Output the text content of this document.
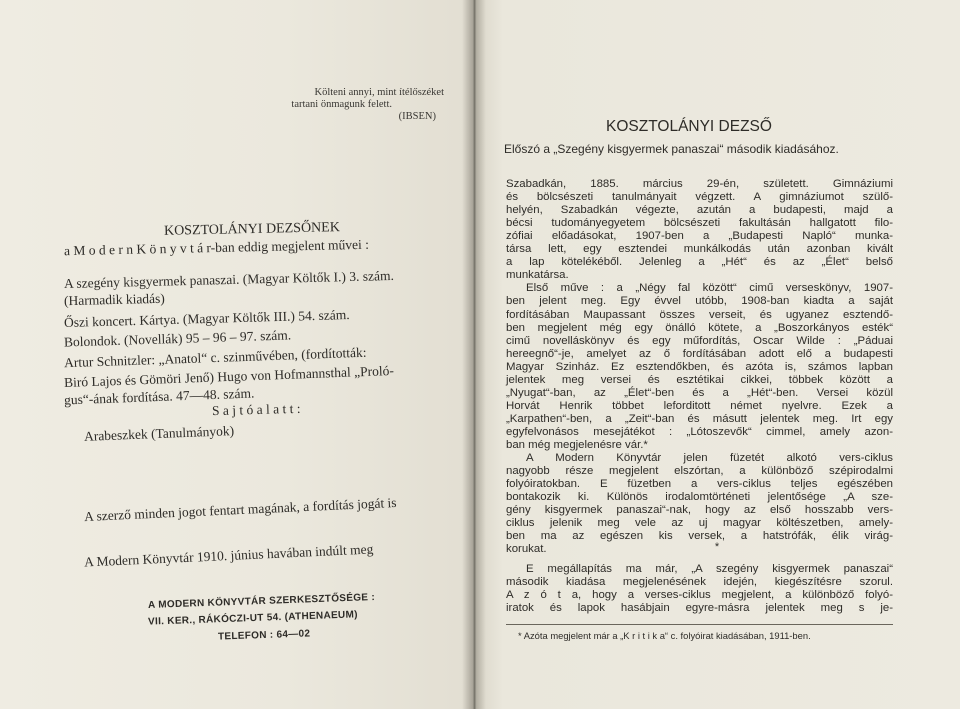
Költeni annyi, mint ítélőszéket
tartani önmagunk felett.
(IBSEN)
KOSZTOLÁNYI DEZSŐNEK
a M o d e r n K ö n y v t á r-ban eddig megjelent művei :
A szegény kisgyermek panaszai. (Magyar Költők I.) 3. szám.
(Harmadik kiadás)
Őszi koncert. Kártya. (Magyar Költők III.) 54. szám.
Bolondok. (Novellák) 95 – 96 – 97. szám.
Artur Schnitzler: „Anatol“ c. szinművében, (fordították:
Biró Lajos és Gömöri Jenő) Hugo von Hofmannsthal „Proló-
gus“-ának fordítása. 47—48. szám.
S a j t ó a l a t t :
Arabeszkek (Tanulmányok)
A szerző minden jogot fentart magának, a fordítás jogát is
A Modern Könyvtár 1910. június havában indúlt meg
A MODERN KÖNYVTÁR SZERKESZTŐSÉGE :
VII. KER., RÁKÓCZI-UT 54. (ATHENAEUM)
TELEFON : 64—02
KOSZTOLÁNYI DEZSŐ
Előszó a „Szegény kisgyermek panaszai“ második kiadásához.
Szabadkán, 1885. március 29-én, született. Gimnáziumi
és bölcsészeti tanulmányait végzett. A gimnáziumot szülő-
helyén, Szabadkán végezte, azután a budapesti, majd a
bécsi tudományegyetem bölcsészeti fakultásán hallgatott filo-
zófiai előadásokat, 1907-ben a „Budapesti Napló“ munka-
társa lett, egy esztendei munkálkodás után azonban kivált
a lap kötelékéből. Jelenleg a „Hét“ és az „Élet“ belső
munkatársa.
Első műve : a „Négy fal között“ cimű verseskönyv, 1907-
ben jelent meg. Egy évvel utóbb, 1908-ban kiadta a saját
fordításában Maupassant összes verseit, és ugyanez esztendő-
ben megjelent még egy önálló kötete, a „Boszorkányos esték“
cimű novelláskönyv és egy műfordítás, Oscar Wilde : „Páduai
hereegnő“-je, amelyet az ő fordításában adott elő a budapesti
Magyar Szinház. Ez esztendőkben, és azóta is, számos lapban
jelentek meg versei és esztétikai cikkei, többek között a
„Nyugat“-ban, az „Élet“-ben és a „Hét“-ben. Versei közül
Horvát Henrik többet leforditott német nyelvre. Ezek a
„Karpathen“-ben, a „Zeit“-ban és másutt jelentek meg. Irt egy
egyfelvonásos mesejátékot : „Lótoszevők“ cimmel, amely azon-
ban még megjelenésre vár.*
A Modern Könyvtár jelen füzetét alkotó vers-ciklus
nagyobb része megjelent elszórtan, a különböző szépirodalmi
folyóiratokban. E füzetben a vers-ciklus teljes egészében
bontakozik ki. Különös irodalomtörténeti jelentősége „A sze-
gény kisgyermek panaszai“-nak, hogy az első hosszabb vers-
ciklus jelenik meg vele az uj magyar költészetben, amely-
ben ma az egészen kis versek, a hatstrófák, élik virág-
korukat.	*
E megállapítás ma már, „A szegény kisgyermek panaszai“
második kiadása megjelenésének idején, kiegészítésre szorul.
A z ó t a, hogy a verses-ciklus megjelent, a különböző folyó-
iratok és lapok hasábjain egyre-másra jelentek meg s je-
* Azóta megjelent már a „K r i t i k a“ c. folyóirat kiadásában, 1911-ben.
